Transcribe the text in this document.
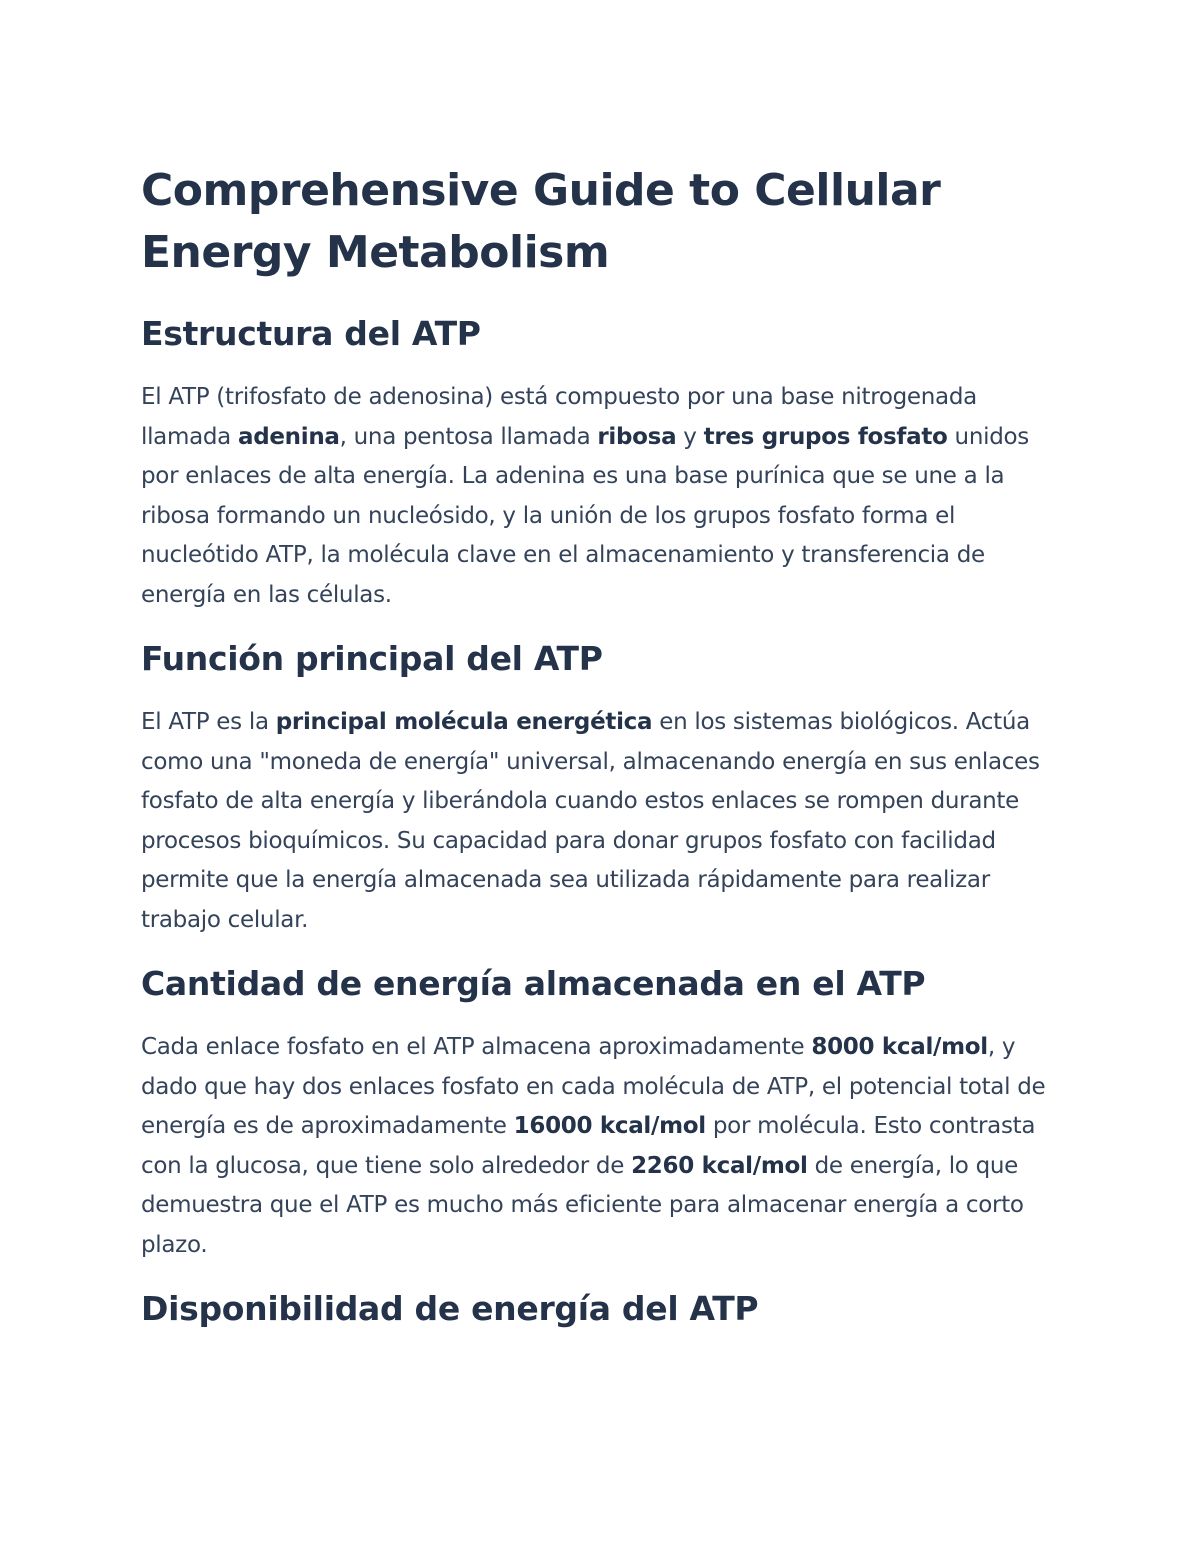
Comprehensive Guide to Cellular Energy Metabolism
Estructura del ATP

El ATP (trifosfato de adenosina) está compuesto por una base nitrogenada llamada adenina, una pentosa llamada ribosa y tres grupos fosfato unidos por enlaces de alta energía. La adenina es una base purínica que se une a la ribosa formando un nucleósido, y la unión de los grupos fosfato forma el nucleótido ATP, la molécula clave en el almacenamiento y transferencia de energía en las células.

Función principal del ATP

El ATP es la principal molécula energética en los sistemas biológicos. Actúa como una "moneda de energía" universal, almacenando energía en sus enlaces fosfato de alta energía y liberándola cuando estos enlaces se rompen durante procesos bioquímicos. Su capacidad para donar grupos fosfato con facilidad permite que la energía almacenada sea utilizada rápidamente para realizar trabajo celular.

Cantidad de energía almacenada en el ATP

Cada enlace fosfato en el ATP almacena aproximadamente 8000 kcal/mol, y dado que hay dos enlaces fosfato en cada molécula de ATP, el potencial total de energía es de aproximadamente 16000 kcal/mol por molécula. Esto contrasta con la glucosa, que tiene solo alrededor de 2260 kcal/mol de energía, lo que demuestra que el ATP es mucho más eficiente para almacenar energía a corto plazo.

Disponibilidad de energía del ATP
